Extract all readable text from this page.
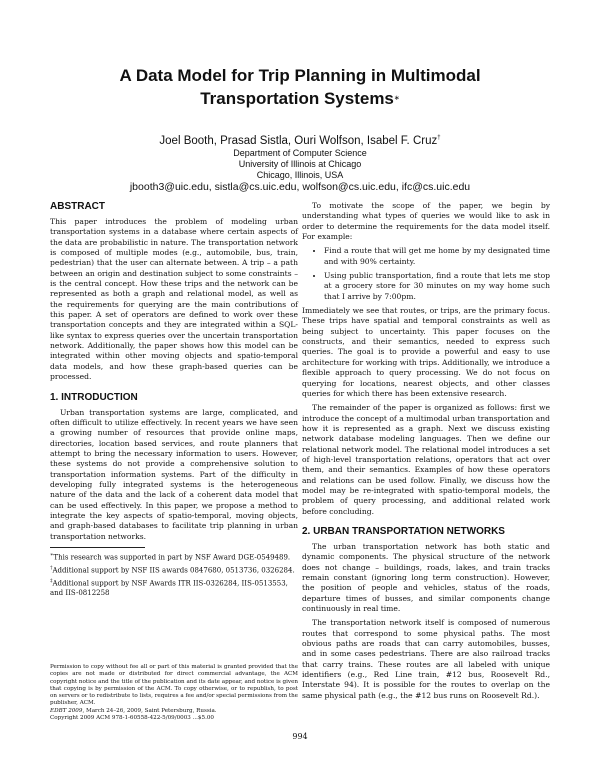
A Data Model for Trip Planning in Multimodal
Transportation Systems∗
Joel Booth, Prasad Sistla, Ouri Wolfson, Isabel F. Cruz†
Department of Computer Science
University of Illinois at Chicago
Chicago, Illinois, USA
jbooth3@uic.edu, sistla@cs.uic.edu, wolfson@cs.uic.edu, ifc@cs.uic.edu
ABSTRACT

This paper introduces the problem of modeling urban transportation systems in a database where certain aspects of the data are probabilistic in nature. The transportation network is composed of multiple modes (e.g., automobile, bus, train, pedestrian) that the user can alternate between. A trip – a path between an origin and destination subject to some constraints – is the central concept. How these trips and the network can be represented as both a graph and relational model, as well as the requirements for querying are the main contributions of this paper. A set of operators are defined to work over these transportation concepts and they are integrated within a SQL-like syntax to express queries over the uncertain transportation network. Additionally, the paper shows how this model can be integrated within other moving objects and spatio-temporal data models, and how these graph-based queries can be processed.

1. INTRODUCTION

Urban transportation systems are large, complicated, and often difficult to utilize effectively. In recent years we have seen a growing number of resources that provide online maps, directories, location based services, and route planners that attempt to bring the necessary information to users. However, these systems do not provide a comprehensive solution to transportation information systems. Part of the difficulty in developing fully integrated systems is the heterogeneous nature of the data and the lack of a coherent data model that can be used effectively. In this paper, we propose a method to integrate the key aspects of spatio-temporal, moving objects, and graph-based databases to facilitate trip planning in urban transportation networks.

∗This research was supported in part by NSF Award DGE-0549489.

†Additional support by NSF IIS awards 0847680, 0513736, 0326284.

‡Additional support by NSF Awards ITR IIS-0326284, IIS-0513553, and IIS-0812258

Permission to copy without fee all or part of this material is granted provided that the copies are not made or distributed for direct commercial advantage, the ACM copyright notice and the title of the publication and its date appear, and notice is given that copying is by permission of the ACM. To copy otherwise, or to republish, to post on servers or to redistribute to lists, requires a fee and/or special permissions from the publisher, ACM.

EDBT 2009, March 24–26, 2009, Saint Petersburg, Russia.

Copyright 2009 ACM 978-1-60558-422-5/09/0003 ...$5.00

To motivate the scope of the paper, we begin by understanding what types of queries we would like to ask in order to determine the requirements for the data model itself. For example:

• Find a route that will get me home by my designated time and with 90% certainty.
• Using public transportation, find a route that lets me stop at a grocery store for 30 minutes on my way home such that I arrive by 7:00pm.

Immediately we see that routes, or trips, are the primary focus. These trips have spatial and temporal constraints as well as being subject to uncertainty. This paper focuses on the constructs, and their semantics, needed to express such queries. The goal is to provide a powerful and easy to use architecture for working with trips. Additionally, we introduce a flexible approach to query processing. We do not focus on querying for locations, nearest objects, and other classes queries for which there has been extensive research.

The remainder of the paper is organized as follows: first we introduce the concept of a multimodal urban transportation and how it is represented as a graph. Next we discuss existing network database modeling languages. Then we define our relational network model. The relational model introduces a set of high-level transportation relations, operators that act over them, and their semantics. Examples of how these operators and relations can be used follow. Finally, we discuss how the model may be re-integrated with spatio-temporal models, the problem of query processing, and additional related work before concluding.

2. URBAN TRANSPORTATION NETWORKS

The urban transportation network has both static and dynamic components. The physical structure of the network does not change – buildings, roads, lakes, and train tracks remain constant (ignoring long term construction). However, the position of people and vehicles, status of the roads, departure times of busses, and similar components change continuously in real time.

The transportation network itself is composed of numerous routes that correspond to some physical paths. The most obvious paths are roads that can carry automobiles, busses, and in some cases pedestrians. There are also railroad tracks that carry trains. These routes are all labeled with unique identifiers (e.g., Red Line train, #12 bus, Roosevelt Rd., Interstate 94). It is possible for the routes to overlap on the same physical path (e.g., the #12 bus runs on Roosevelt Rd.).

994
